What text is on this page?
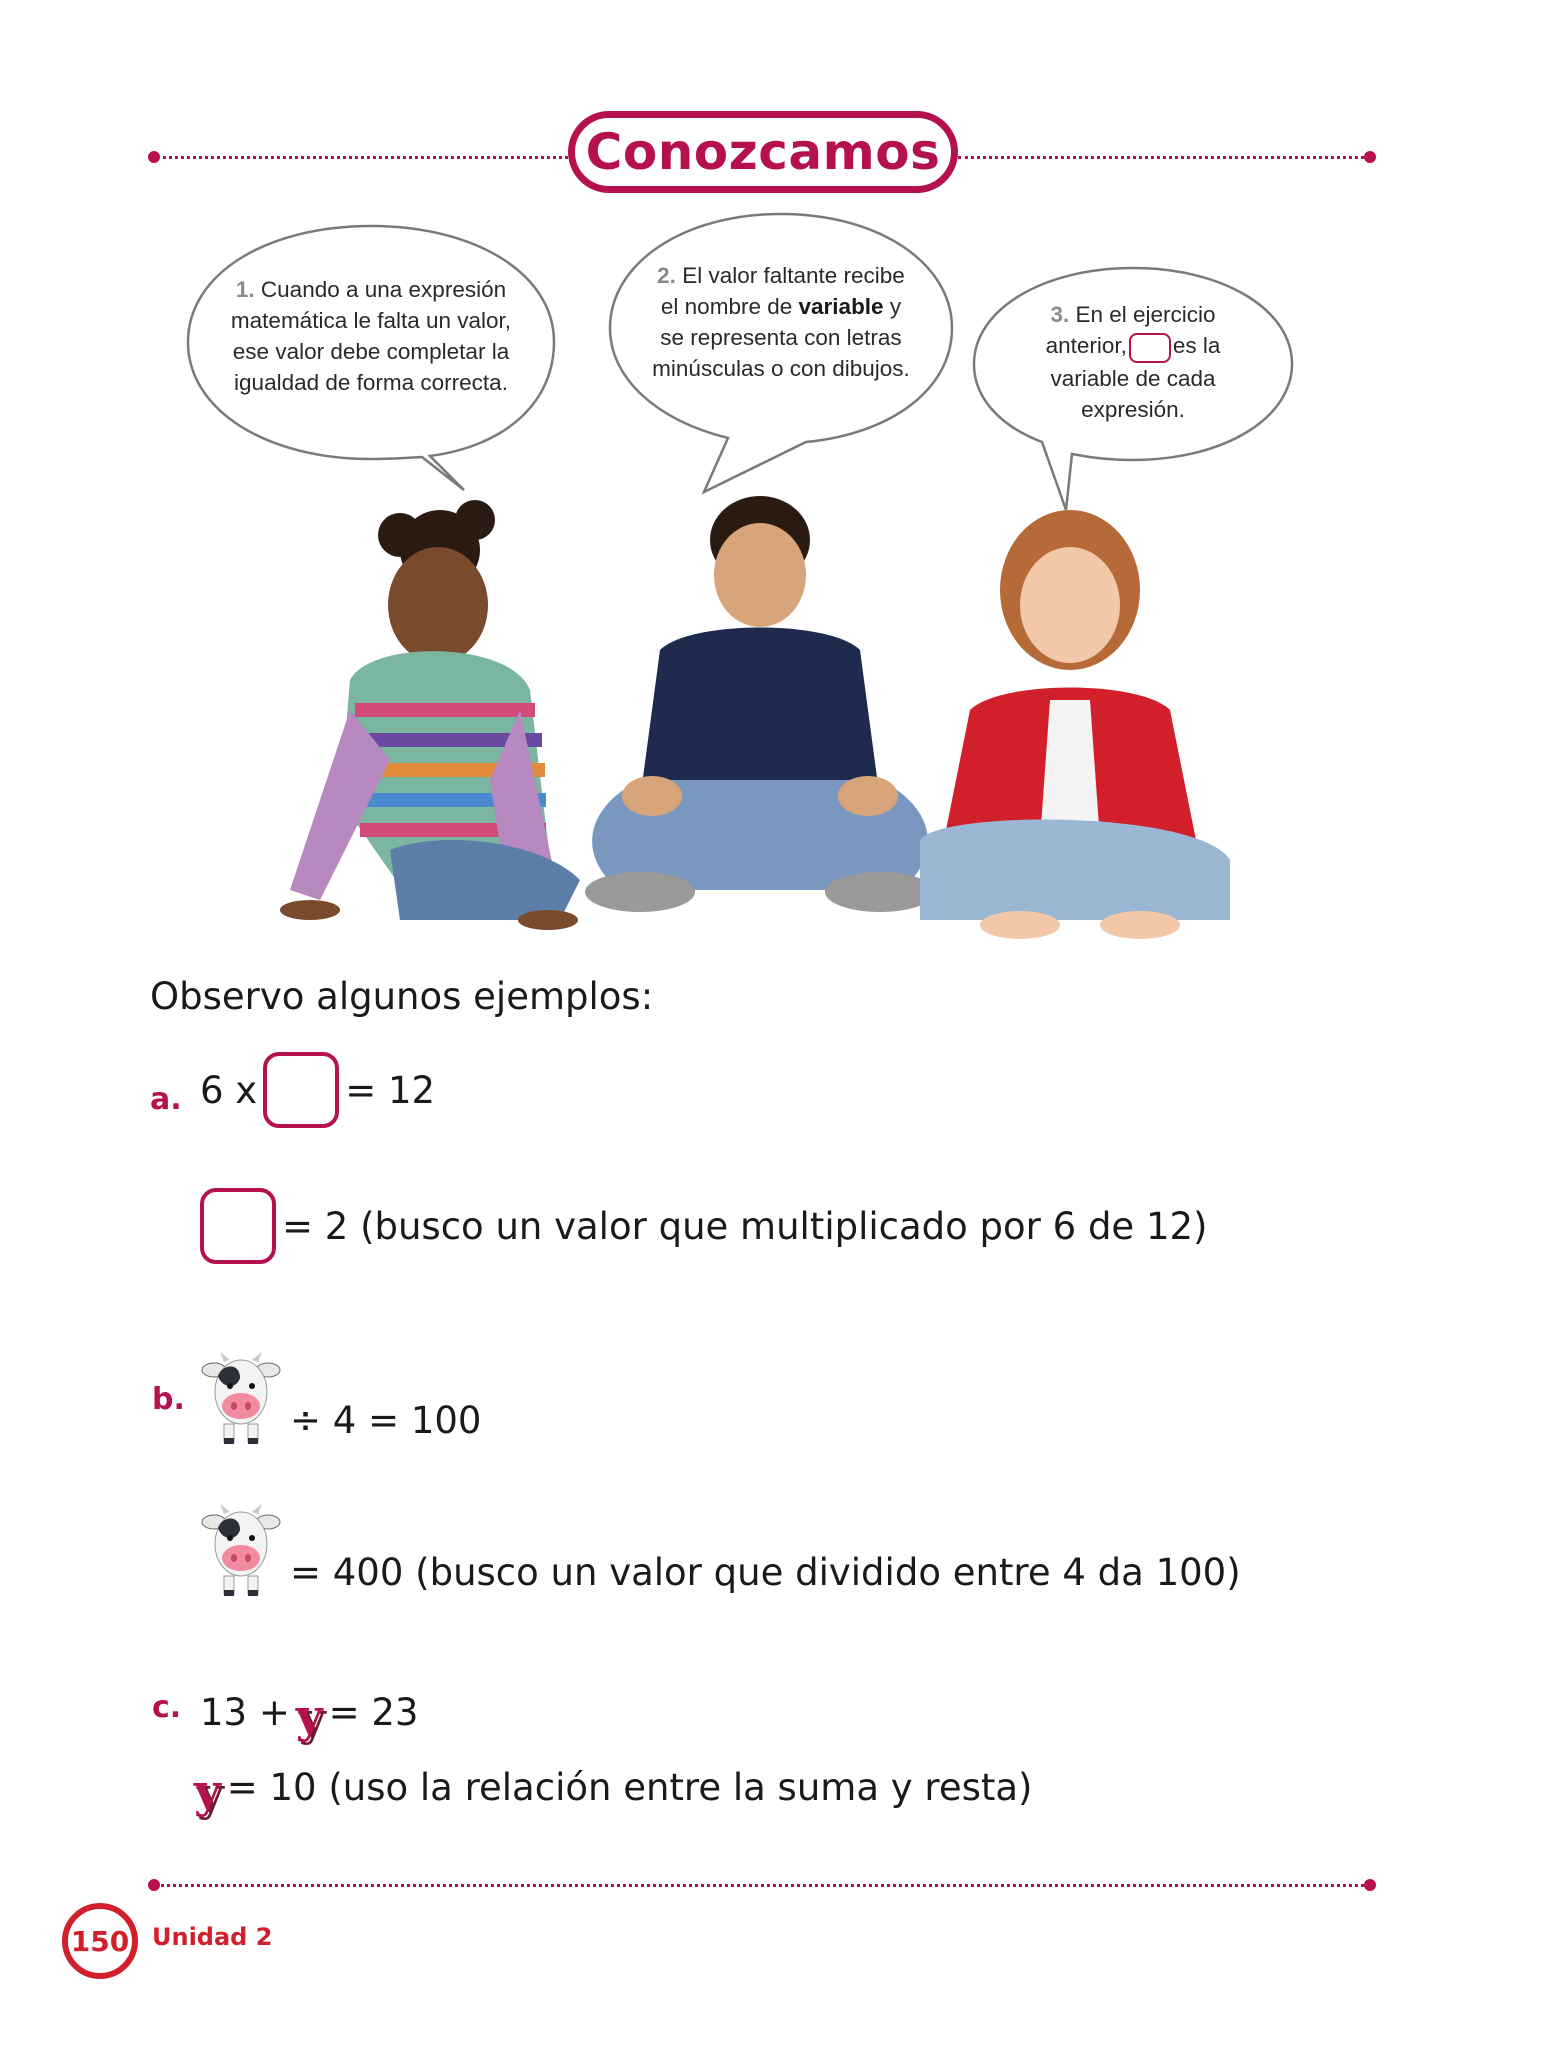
Conozcamos
1. Cuando a una expresión matemática le falta un valor, ese valor debe completar la igualdad de forma correcta.
2. El valor faltante recibe el nombre de variable y se representa con letras minúsculas o con dibujos.
3. En el ejercicio anterior, es la variable de cada expresión.
Observo algunos ejemplos:
a. 6 x = 12
= 2 (busco un valor que multiplicado por 6 de 12)
b.	÷ 4 = 100
= 400 (busco un valor que dividido entre 4 da 100)
c. 13 + y = 23
y = 10 (uso la relación entre la suma y resta)
150 Unidad 2
